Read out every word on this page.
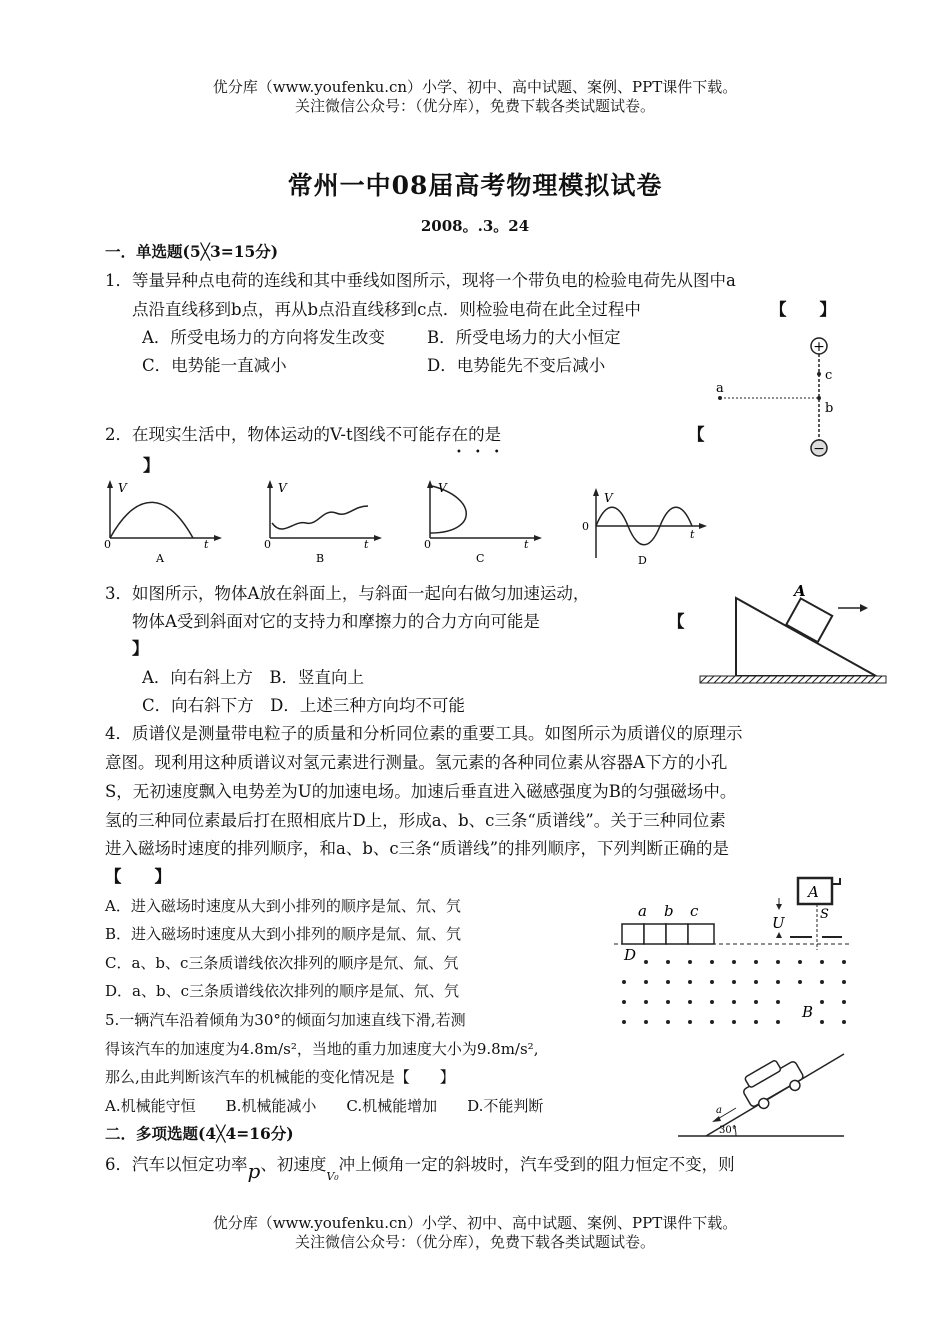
优分库（www.youfenku.cn）小学、初中、高中试题、案例、PPT课件下载。
关注微信公众号：（优分库），免费下载各类试题试卷。
常州一中08届高考物理模拟试卷
2008。.3。24
一．单选题(5╳3=15分)
1．等量异种点电荷的连线和其中垂线如图所示，现将一个带负电的检验电荷先从图中a
点沿直线移到b点，再从b点沿直线移到c点．则检验电荷在此全过程中	【　　】
A．所受电场力的方向将发生改变	B．所受电场力的大小恒定
C．电势能一直减小	D．电势能先不变后减小
+
−
a
b
c
2．在现实生活中，物体运动的V-t图线不可能存在的是	【
】
•••
V
t
0
A
V
t
0
B
V
t
0
C
V
t
0
D
3．如图所示，物体A放在斜面上，与斜面一起向右做匀加速运动，
物体A受到斜面对它的支持力和摩擦力的合力方向可能是	【
】
A．向右斜上方　B．竖直向上
C．向右斜下方　D．上述三种方向均不可能
A
4．质谱仪是测量带电粒子的质量和分析同位素的重要工具。如图所示为质谱仪的原理示
意图。现利用这种质谱议对氢元素进行测量。氢元素的各种同位素从容器A下方的小孔
S，无初速度飘入电势差为U的加速电场。加速后垂直进入磁感强度为B的匀强磁场中。
氢的三种同位素最后打在照相底片D上，形成a、b、c三条“质谱线”。关于三种同位素
进入磁场时速度的排列顺序，和a、b、c三条“质谱线”的排列顺序，下列判断正确的是
【　　】
A．进入磁场时速度从大到小排列的顺序是氚、氘、氕
B．进入磁场时速度从大到小排列的顺序是氚、氚、氕
C．a、b、c三条质谱线依次排列的顺序是氘、氚、氕
D．a、b、c三条质谱线依次排列的顺序是氚、氘、氕
A
S
U
a b c
D
B
5.一辆汽车沿着倾角为30°的倾面匀加速直线下滑,若测
得该汽车的加速度为4.8m/s²，当地的重力加速度大小为9.8m/s²,
那么,由此判断该汽车的机械能的变化情况是【　　】
A.机械能守恒　　B.机械能减小　　C.机械能增加　　D.不能判断
30°
a
二．多项选题(4╳4=16分)
6．汽车以恒定功率p、初速度$_{V_0}$冲上倾角一定的斜坡时，汽车受到的阻力恒定不变，则
优分库（www.youfenku.cn）小学、初中、高中试题、案例、PPT课件下载。
关注微信公众号：（优分库），免费下载各类试题试卷。
